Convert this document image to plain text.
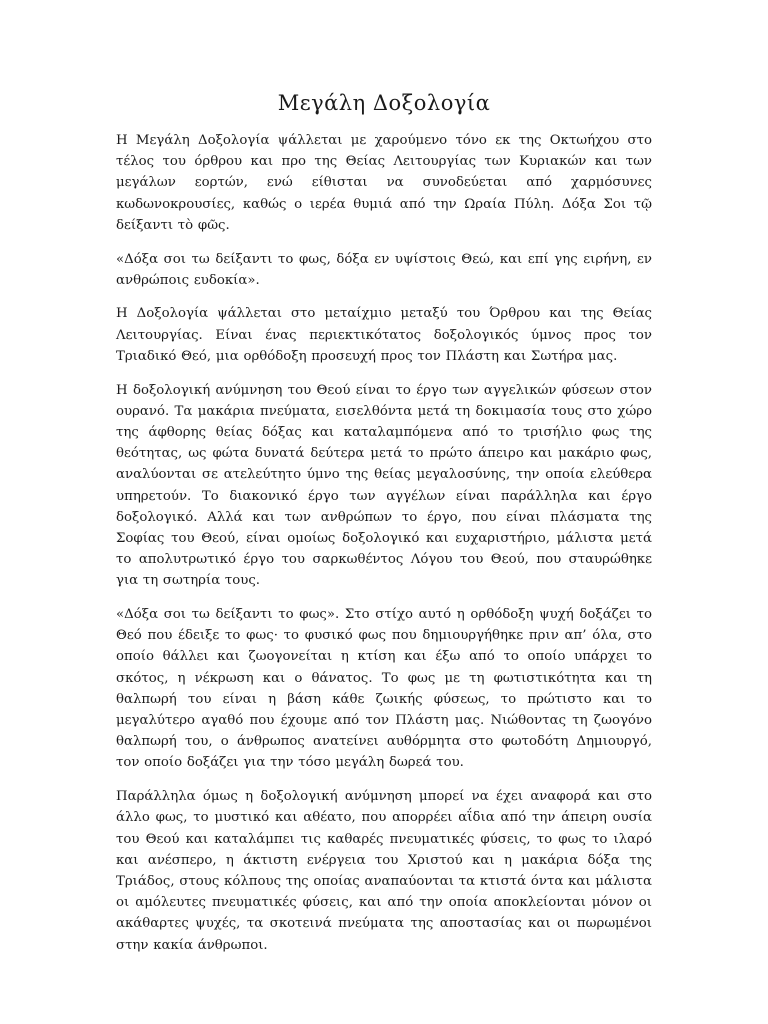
Μεγάλη Δοξολογία

Η Μεγάλη Δοξολογία ψάλλεται με χαρούμενο τόνο εκ της Οκτωήχου στο τέλος του όρθρου και προ της Θείας Λειτουργίας των Κυριακών και των μεγάλων εορτών, ενώ είθισται να συνοδεύεται από χαρμόσυνες κωδωνοκρουσίες, καθώς ο ιερέα θυμιά από την Ωραία Πύλη. Δόξα Σοι τῷ δείξαντι τὸ φῶς.

«Δόξα σοι τω δείξαντι το φως, δόξα εν υψίστοις Θεώ, και επί γης ειρήνη, εν ανθρώποις ευδοκία».

Η Δοξολογία ψάλλεται στο μεταίχμιο μεταξύ του Όρθρου και της Θείας Λειτουργίας. Είναι ένας περιεκτικότατος δοξολογικός ύμνος προς τον Τριαδικό Θεό, μια ορθόδοξη προσευχή προς τον Πλάστη και Σωτήρα μας.

Η δοξολογική ανύμνηση του Θεού είναι το έργο των αγγελικών φύσεων στον ουρανό. Τα μακάρια πνεύματα, εισελθόντα μετά τη δοκιμασία τους στο χώρο της άφθορης θείας δόξας και καταλαμπόμενα από το τρισήλιο φως της θεότητας, ως φώτα δυνατά δεύτερα μετά το πρώτο άπειρο και μακάριο φως, αναλύονται σε ατελεύτητο ύμνο της θείας μεγαλοσύνης, την οποία ελεύθερα υπηρετούν. Το διακονικό έργο των αγγέλων είναι παράλληλα και έργο δοξολογικό. Αλλά και των ανθρώπων το έργο, που είναι πλάσματα της Σοφίας του Θεού, είναι ομοίως δοξολογικό και ευχαριστήριο, μάλιστα μετά το απολυτρωτικό έργο του σαρκωθέντος Λόγου του Θεού, που σταυρώθηκε για τη σωτηρία τους.

«Δόξα σοι τω δείξαντι το φως». Στο στίχο αυτό η ορθόδοξη ψυχή δοξάζει το Θεό που έδειξε το φως· το φυσικό φως που δημιουργήθηκε πριν απ’ όλα, στο οποίο θάλλει και ζωογονείται η κτίση και έξω από το οποίο υπάρχει το σκότος, η νέκρωση και ο θάνατος. Το φως με τη φωτιστικότητα και τη θαλπωρή του είναι η βάση κάθε ζωικής φύσεως, το πρώτιστο και το μεγαλύτερο αγαθό που έχουμε από τον Πλάστη μας. Νιώθοντας τη ζωογόνο θαλπωρή του, ο άνθρωπος ανατείνει αυθόρμητα στο φωτοδότη Δημιουργό, τον οποίο δοξάζει για την τόσο μεγάλη δωρεά του.

Παράλληλα όμως η δοξολογική ανύμνηση μπορεί να έχει αναφορά και στο άλλο φως, το μυστικό και αθέατο, που απορρέει αΐδια από την άπειρη ουσία του Θεού και καταλάμπει τις καθαρές πνευματικές φύσεις, το φως το ιλαρό και ανέσπερο, η άκτιστη ενέργεια του Χριστού και η μακάρια δόξα της Τριάδος, στους κόλπους της οποίας αναπαύονται τα κτιστά όντα και μάλιστα οι αμόλευτες πνευματικές φύσεις, και από την οποία αποκλείονται μόνον οι ακάθαρτες ψυχές, τα σκοτεινά πνεύματα της αποστασίας και οι πωρωμένοι στην κακία άνθρωποι.
